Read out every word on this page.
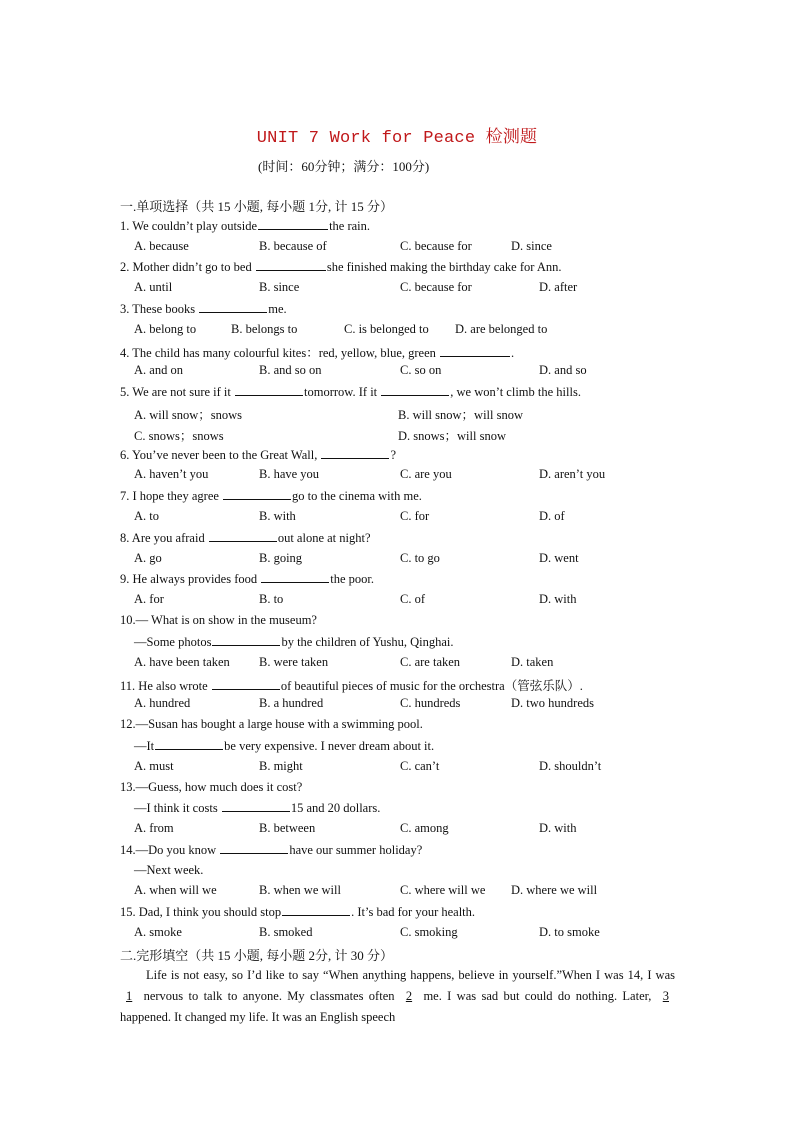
UNIT 7 Work for Peace 检测题
(时间：60分钟；满分：100分)
一.单项选择（共 15 小题, 每小题 1分, 计 15 分）
1. We couldn’t play outside	the rain.
A. because	B. because of	C. because for	D. since
2. Mother didn’t go to bed	she finished making the birthday cake for Ann.
A. until	B. since	C. because for	D. after
3. These books	me.
A. belong to	B. belongs to	C. is belonged to D. are belonged to
4. The child has many colourful kites：red, yellow, blue, green	.
A. and on	B. and so on	C. so on	D. and so
5. We are not sure if it	tomorrow. If it	, we won’t climb the hills.
A. will snow；snows	B. will snow；will snow
C. snows；snows	D. snows；will snow
6. You’ve never been to the Great Wall,	?
A. haven’t you	B. have you	C. are you	D. aren’t you
7. I hope they agree	go to the cinema with me.
A. to	B. with	C. for	D. of
8. Are you afraid	out alone at night?
A. go	B. going	C. to go	D. went
9. He always provides food	the poor.
A. for	B. to	C. of	D. with
10.— What is on show in the museum?
—Some photos	by the children of Yushu, Qinghai.
A. have been taken B. were taken	C. are taken	D. taken
11. He also wrote	of beautiful pieces of music for the orchestra（管弦乐队）.
A. hundred	B. a hundred	C. hundreds	D. two hundreds
12.—Susan has bought a large house with a swimming pool.
—It	be very expensive. I never dream about it.
A. must	B. might	C. can’t	D. shouldn’t
13.—Guess, how much does it cost?
—I think it costs	15 and 20 dollars.
A. from	B. between	C. among	D. with
14.—Do you know	have our summer holiday?
—Next week.
A. when will we	B. when we will	C. where will we D. where we will
15. Dad, I think you should stop	. It’s bad for your health.
A. smoke	B. smoked	C. smoking	D. to smoke
二.完形填空（共 15 小题, 每小题 2分, 计 30 分）
Life is not easy, so I’d like to say “When anything happens, believe in yourself.”When I was 14, I was 1 nervous to talk to anyone. My classmates often 2 me. I was sad but could do nothing. Later, 3 happened. It changed my life. It was an English speech
